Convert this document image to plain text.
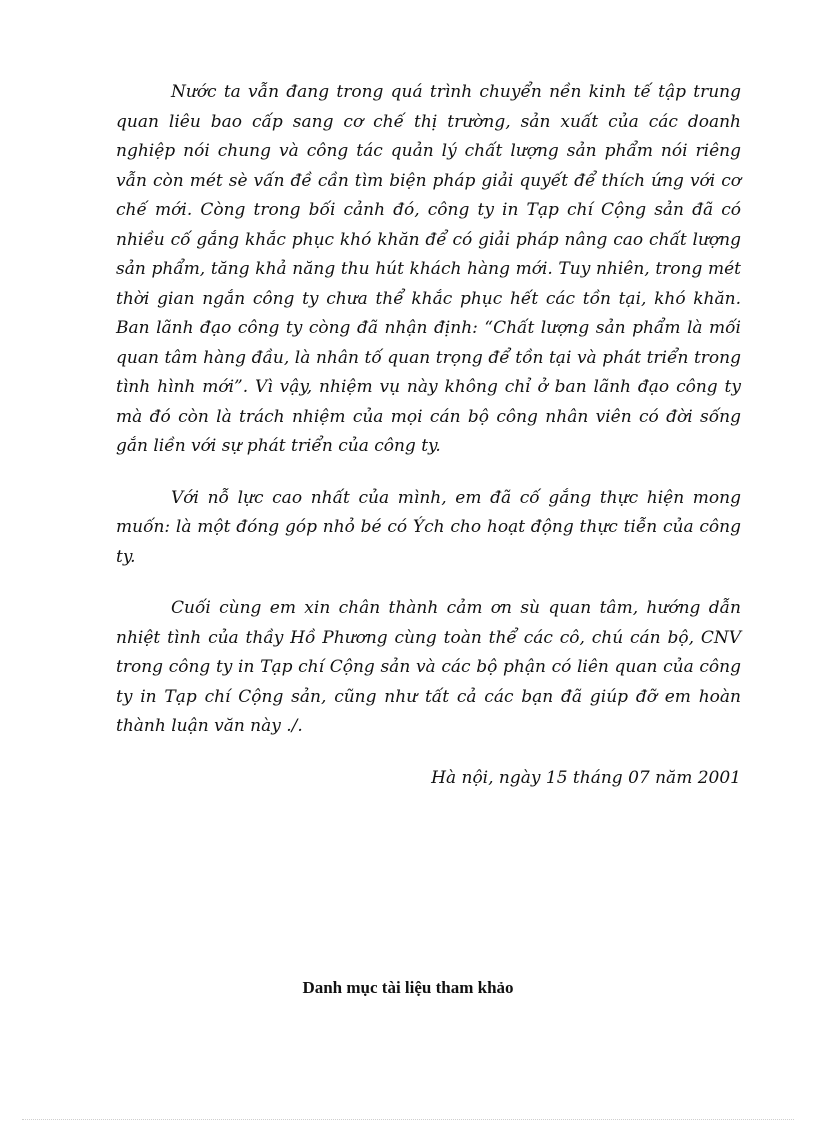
Nước ta vẫn đang trong quá trình chuyển nền kinh tế tập trung quan liêu bao cấp sang cơ chế thị trường, sản xuất của các doanh nghiệp nói chung và công tác quản lý chất lượng sản phẩm nói riêng vẫn còn mét sè vấn đề cần tìm biện pháp giải quyết để thích ứng với cơ chế mới. Còng trong bối cảnh đó, công ty in Tạp chí Cộng sản đã có nhiều cố gắng khắc phục khó khăn để có giải pháp nâng cao chất lượng sản phẩm, tăng khả năng thu hút khách hàng mới. Tuy nhiên, trong mét thời gian ngắn công ty chưa thể khắc phục hết các tồn tại, khó khăn. Ban lãnh đạo công ty còng đã nhận định: “Chất lượng sản phẩm là mối quan tâm hàng đầu, là nhân tố quan trọng để tồn tại và phát triển trong tình hình mới”. Vì vậy, nhiệm vụ này không chỉ ở ban lãnh đạo công ty mà đó còn là trách nhiệm của mọi cán bộ công nhân viên có đời sống gắn liền với sự phát triển của công ty.

Với nỗ lực cao nhất của mình, em đã cố gắng thực hiện mong muốn: là một đóng góp nhỏ bé có Ých cho hoạt động thực tiễn của công ty.

Cuối cùng em xin chân thành cảm ơn sù quan tâm, hướng dẫn nhiệt tình của thầy Hồ Phương cùng toàn thể các cô, chú cán bộ, CNV trong công ty in Tạp chí Cộng sản và các bộ phận có liên quan của công ty in Tạp chí Cộng sản, cũng như tất cả các bạn đã giúp đỡ em hoàn thành luận văn này ./.

Hà nội, ngày 15 tháng 07 năm 2001

Danh mục tài liệu tham khảo
